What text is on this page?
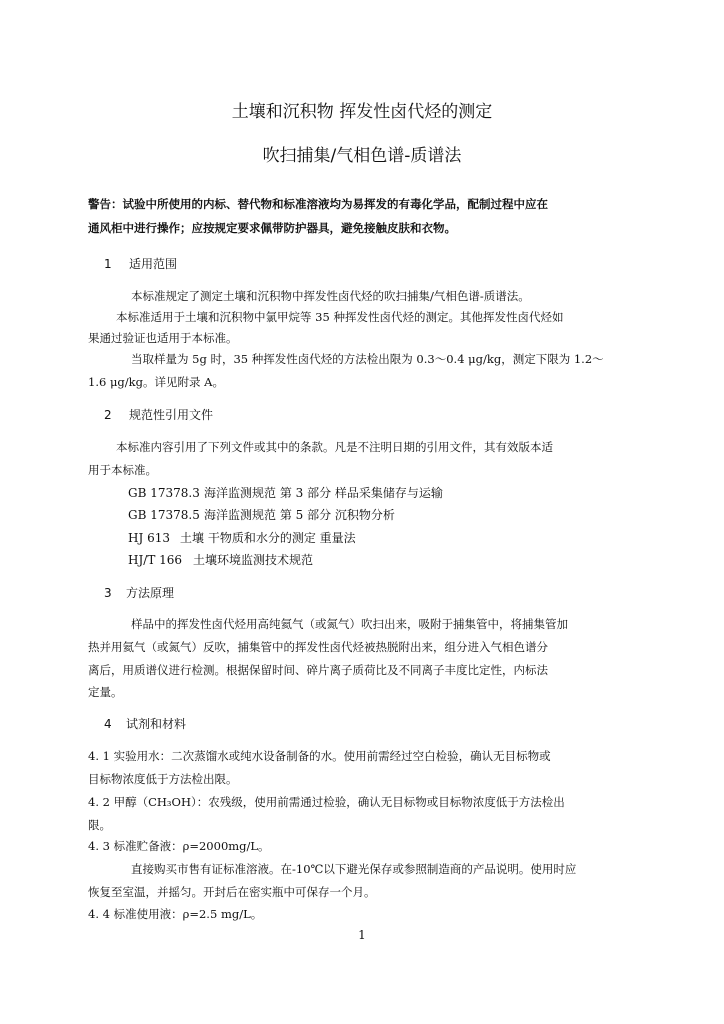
土壤和沉积物 挥发性卤代烃的测定
吹扫捕集/气相色谱-质谱法
警告：试验中所使用的内标、替代物和标准溶液均为易挥发的有毒化学品，配制过程中应在
通风柜中进行操作；应按规定要求佩带防护器具，避免接触皮肤和衣物。
1 适用范围
本标准规定了测定土壤和沉积物中挥发性卤代烃的吹扫捕集/气相色谱-质谱法。
本标准适用于土壤和沉积物中氯甲烷等 35 种挥发性卤代烃的测定。其他挥发性卤代烃如
果通过验证也适用于本标准。
当取样量为 5g 时，35 种挥发性卤代烃的方法检出限为 0.3～0.4 μg/kg，测定下限为 1.2～
1.6 μg/kg。详见附录 A。
2 规范性引用文件
本标准内容引用了下列文件或其中的条款。凡是不注明日期的引用文件，其有效版本适
用于本标准。
GB 17378.3 海洋监测规范 第 3 部分 样品采集储存与运输
GB 17378.5 海洋监测规范 第 5 部分 沉积物分析
HJ 613 土壤 干物质和水分的测定 重量法
HJ/T 166 土壤环境监测技术规范
3 方法原理
样品中的挥发性卤代烃用高纯氦气（或氮气）吹扫出来，吸附于捕集管中，将捕集管加
热并用氦气（或氮气）反吹，捕集管中的挥发性卤代烃被热脱附出来，组分进入气相色谱分
离后，用质谱仪进行检测。根据保留时间、碎片离子质荷比及不同离子丰度比定性，内标法
定量。
4 试剂和材料
4. 1 实验用水：二次蒸馏水或纯水设备制备的水。使用前需经过空白检验，确认无目标物或
目标物浓度低于方法检出限。
4. 2 甲醇（CH₃OH）：农残级，使用前需通过检验，确认无目标物或目标物浓度低于方法检出
限。
4. 3 标准贮备液：ρ=2000mg/L。
直接购买市售有证标准溶液。在-10℃以下避光保存或参照制造商的产品说明。使用时应
恢复至室温，并摇匀。开封后在密实瓶中可保存一个月。
4. 4 标准使用液：ρ=2.5 mg/L。
1
